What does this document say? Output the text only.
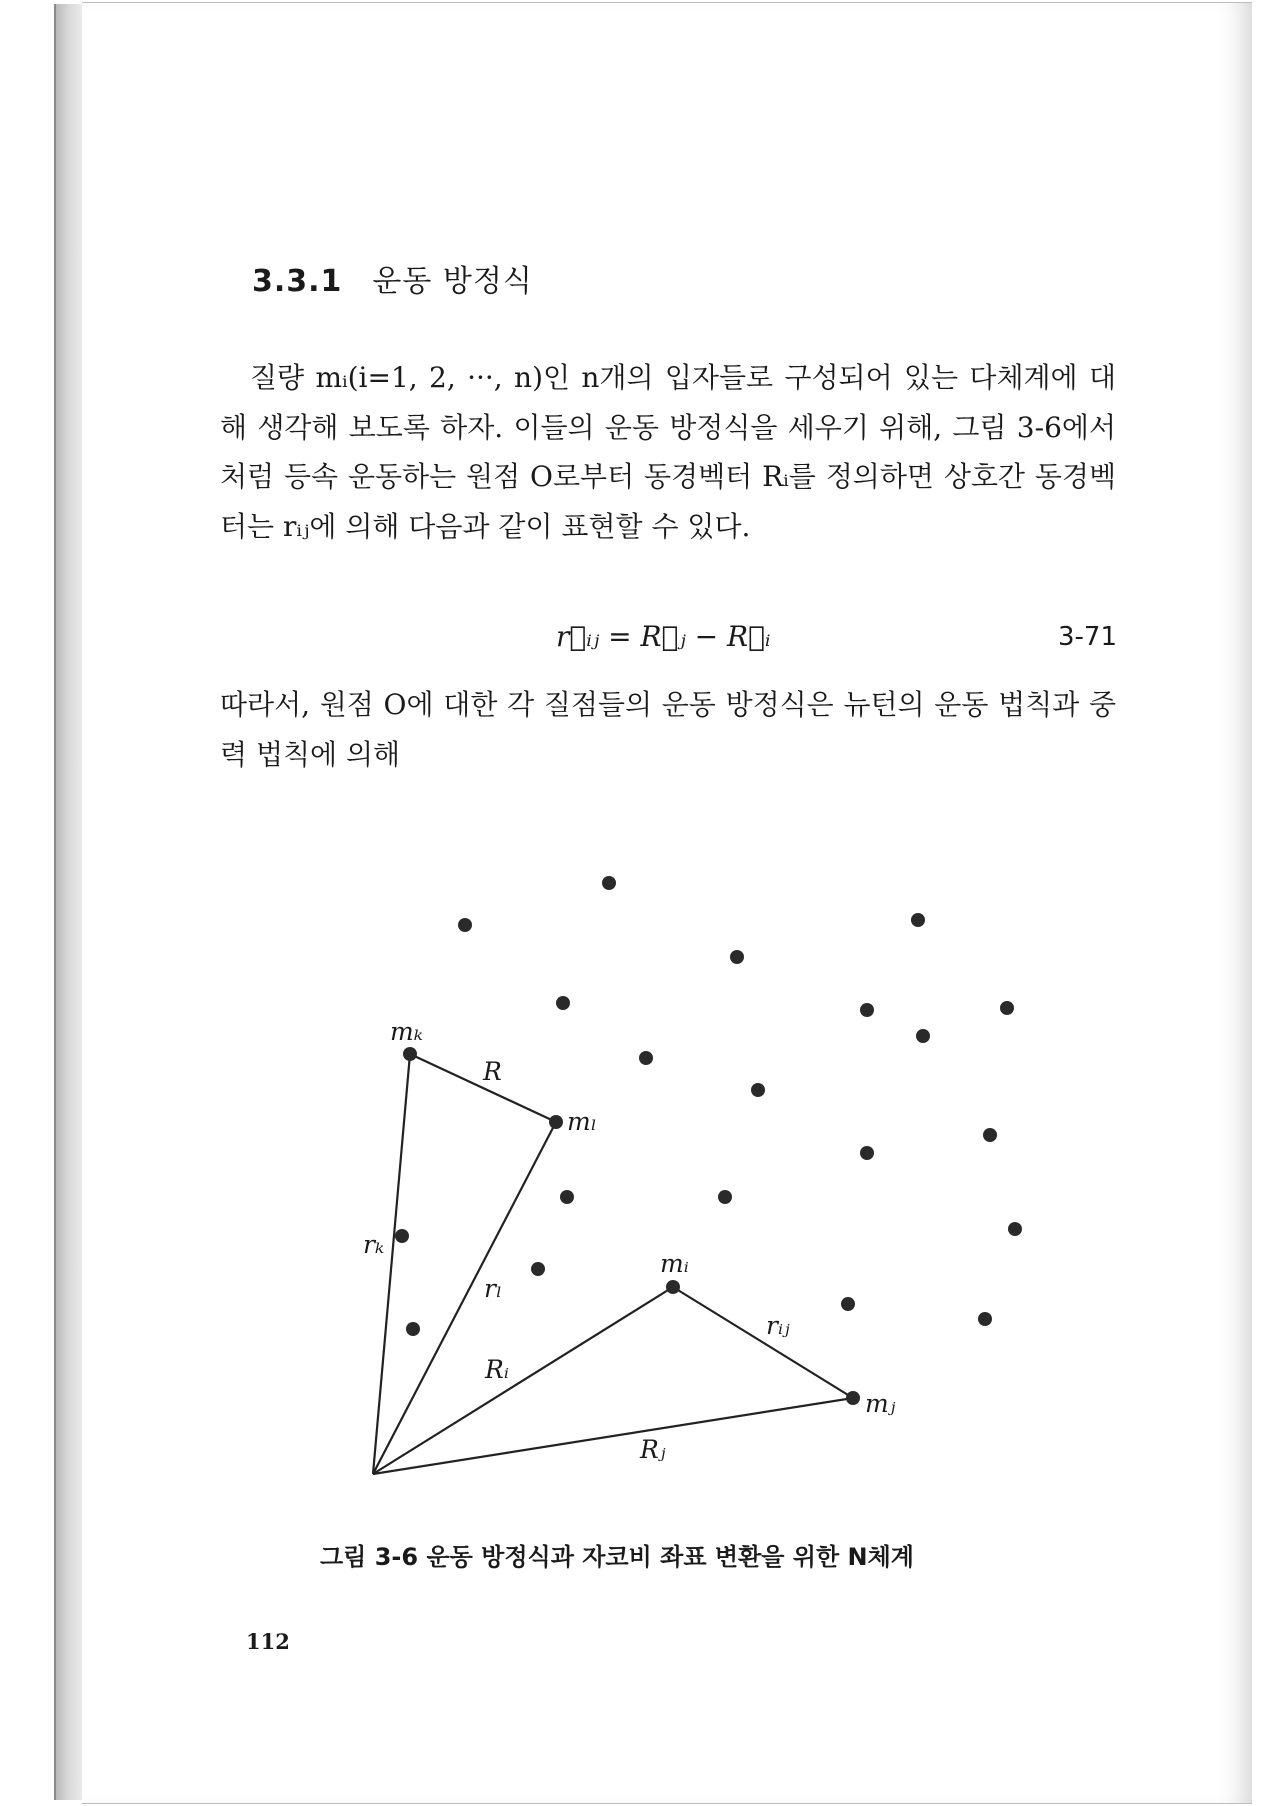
3.3.1 운동 방정식
질량 mᵢ(i=1, 2, ···, n)인 n개의 입자들로 구성되어 있는 다체계에 대해 생각해 보도록 하자. 이들의 운동 방정식을 세우기 위해, 그림 3-6에서처럼 등속 운동하는 원점 O로부터 동경벡터 Rᵢ를 정의하면 상호간 동경벡터는 rᵢⱼ에 의해 다음과 같이 표현할 수 있다.
r⃗ᵢⱼ = R⃗ⱼ − R⃗ᵢ	3-71
따라서, 원점 O에 대한 각 질점들의 운동 방정식은 뉴턴의 운동 법칙과 중력 법칙에 의해
mₖ
R
mₗ
rₖ
rₗ
mᵢ
rᵢⱼ
Rᵢ
mⱼ
Rⱼ
그림 3-6 운동 방정식과 자코비 좌표 변환을 위한 N체계
112
